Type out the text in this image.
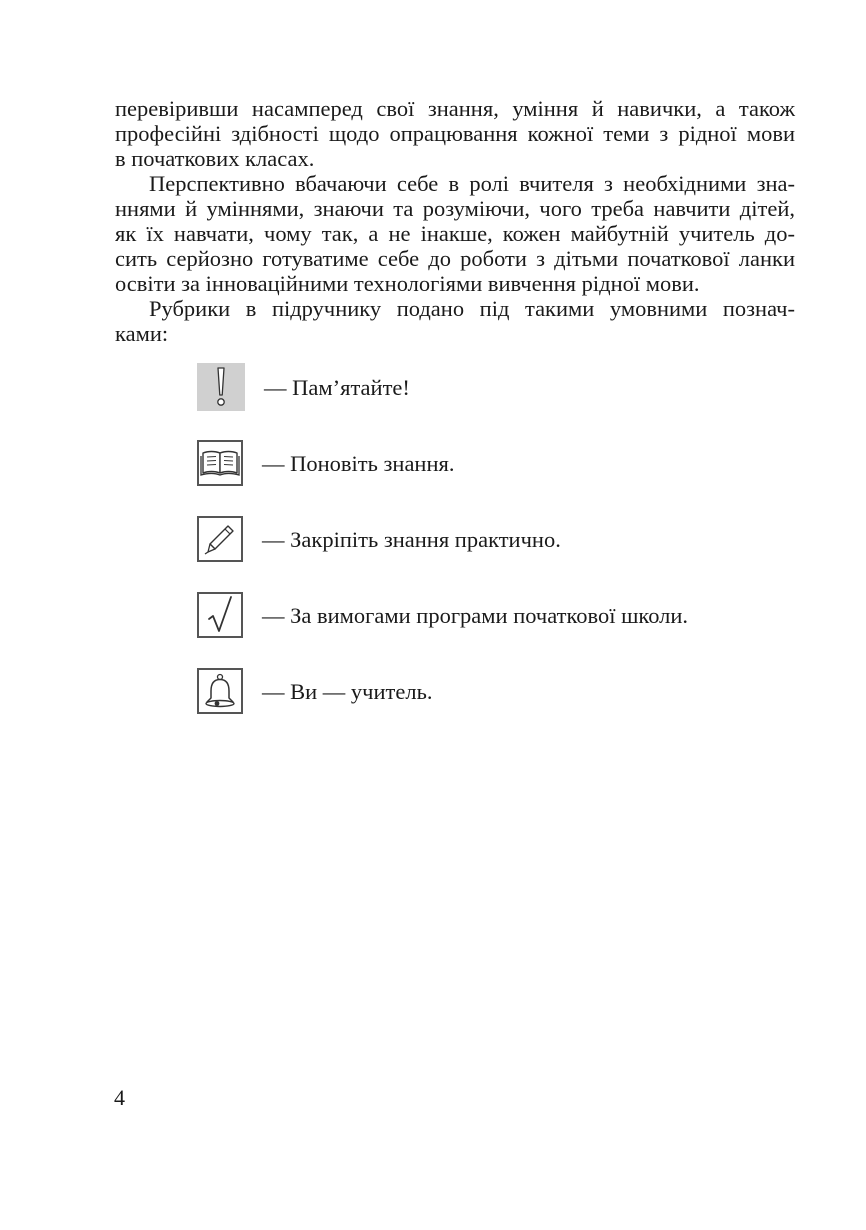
перевіривши насамперед свої знання, уміння й навички, а також
професійні здібності щодо опрацювання кожної теми з рідної мови
в початкових класах.

Перспективно вбачаючи себе в ролі вчителя з необхідними зна-
ннями й уміннями, знаючи та розуміючи, чого треба навчити дітей,
як їх навчати, чому так, а не інакше, кожен майбутній учитель до-
сить серйозно готуватиме себе до роботи з дітьми початкової ланки
освіти за інноваційними технологіями вивчення рідної мови.

Рубрики в підручнику подано під такими умовними познач-
ками:

— Пам’ятайте!
— Поновіть знання.
— Закріпіть знання практично.
— За вимогами програми початкової школи.
— Ви — учитель.
4
